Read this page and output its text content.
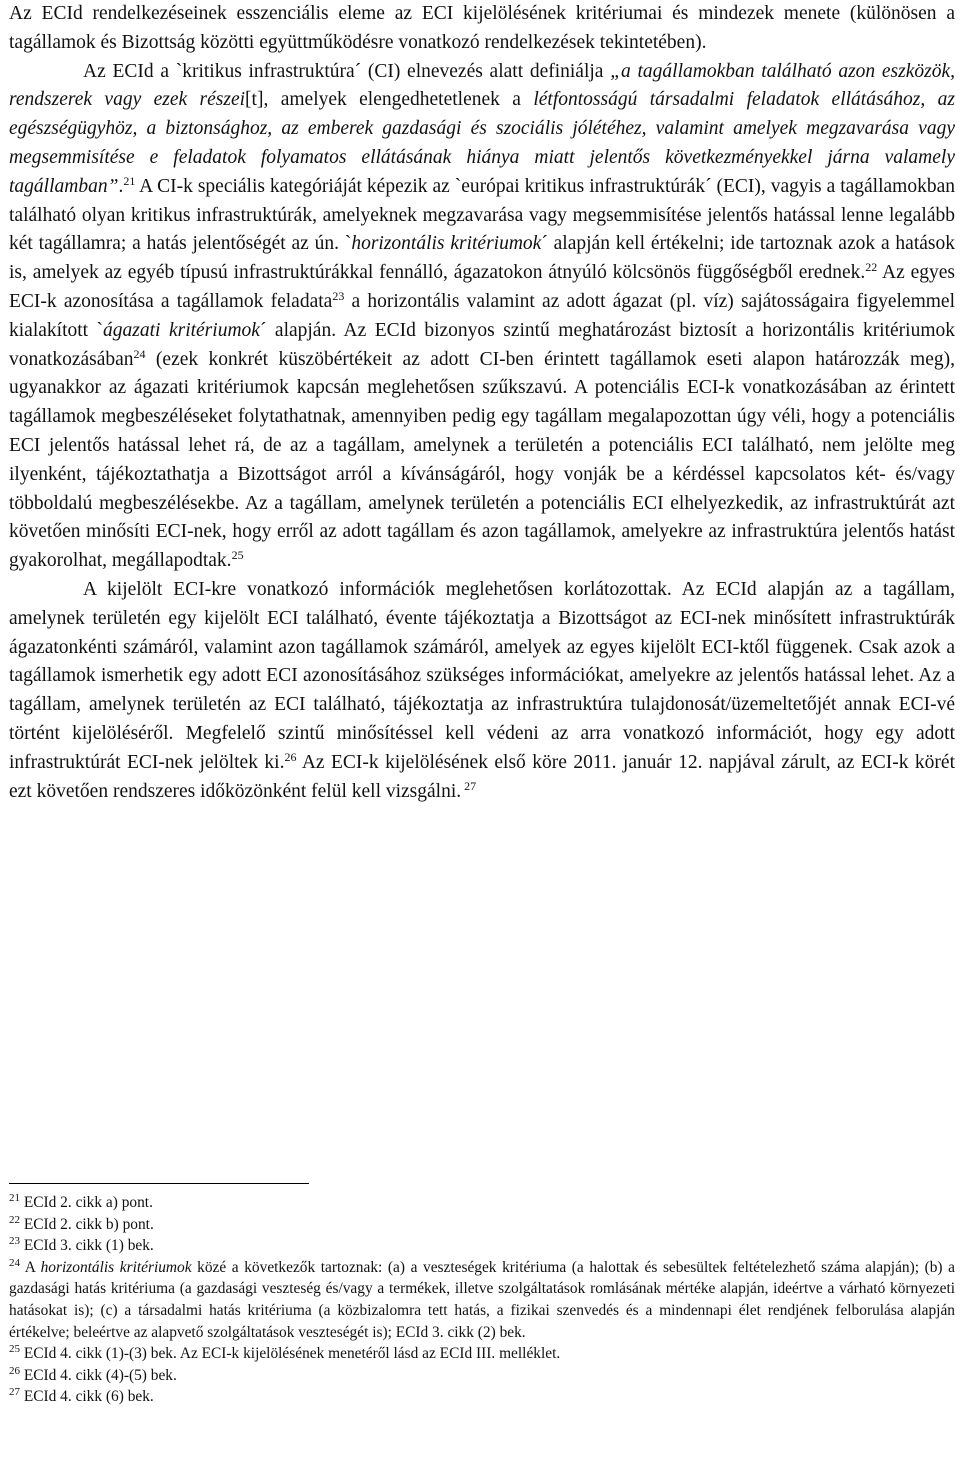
Az ECId rendelkezéseinek esszenciális eleme az ECI kijelölésének kritériumai és mindezek menete (különösen a tagállamok és Bizottság közötti együttműködésre vonatkozó rendelkezések tekintetében).

Az ECId a `kritikus infrastruktúra´ (CI) elnevezés alatt definiálja „a tagállamokban található azon eszközök, rendszerek vagy ezek részei[t], amelyek elengedhetetlenek a létfontosságú társadalmi feladatok ellátásához, az egészségügyhöz, a biztonsághoz, az emberek gazdasági és szociális jólétéhez, valamint amelyek megzavarása vagy megsemmisítése e feladatok folyamatos ellátásának hiánya miatt jelentős következményekkel járna valamely tagállamban”.$^{21}$ A CI-k speciális kategóriáját képezik az `európai kritikus infrastruktúrák´ (ECI), vagyis a tagállamokban található olyan kritikus infrastruktúrák, amelyeknek megzavarása vagy megsemmisítése jelentős hatással lenne legalább két tagállamra; a hatás jelentőségét az ún. `horizontális kritériumok´ alapján kell értékelni; ide tartoznak azok a hatások is, amelyek az egyéb típusú infrastruktúrákkal fennálló, ágazatokon átnyúló kölcsönös függőségből erednek.$^{22}$ Az egyes ECI-k azonosítása a tagállamok feladata$^{23}$ a horizontális valamint az adott ágazat (pl. víz) sajátosságaira figyelemmel kialakított `ágazati kritériumok´ alapján. Az ECId bizonyos szintű meghatározást biztosít a horizontális kritériumok vonatkozásában$^{24}$ (ezek konkrét küszöbértékeit az adott CI-ben érintett tagállamok eseti alapon határozzák meg), ugyanakkor az ágazati kritériumok kapcsán meglehetősen szűkszavú. A potenciális ECI-k vonatkozásában az érintett tagállamok megbeszéléseket folytathatnak, amennyiben pedig egy tagállam megalapozottan úgy véli, hogy a potenciális ECI jelentős hatással lehet rá, de az a tagállam, amelynek a területén a potenciális ECI található, nem jelölte meg ilyenként, tájékoztathatja a Bizottságot arról a kívánságáról, hogy vonják be a kérdéssel kapcsolatos két- és/vagy többoldalú megbeszélésekbe. Az a tagállam, amelynek területén a potenciális ECI elhelyezkedik, az infrastruktúrát azt követően minősíti ECI-nek, hogy erről az adott tagállam és azon tagállamok, amelyekre az infrastruktúra jelentős hatást gyakorolhat, megállapodtak.$^{25}$

A kijelölt ECI-kre vonatkozó információk meglehetősen korlátozottak. Az ECId alapján az a tagállam, amelynek területén egy kijelölt ECI található, évente tájékoztatja a Bizottságot az ECI-nek minősített infrastruktúrák ágazatonkénti számáról, valamint azon tagállamok számáról, amelyek az egyes kijelölt ECI-ktől függenek. Csak azok a tagállamok ismerhetik egy adott ECI azonosításához szükséges információkat, amelyekre az jelentős hatással lehet. Az a tagállam, amelynek területén az ECI található, tájékoztatja az infrastruktúra tulajdonosát/üzemeltetőjét annak ECI-vé történt kijelöléséről. Megfelelő szintű minősítéssel kell védeni az arra vonatkozó információt, hogy egy adott infrastruktúrát ECI-nek jelöltek ki.$^{26}$ Az ECI-k kijelölésének első köre 2011. január 12. napjával zárult, az ECI-k körét ezt követően rendszeres időközönként felül kell vizsgálni. $^{27}$

$^{21}$ ECId 2. cikk a) pont.

$^{22}$ ECId 2. cikk b) pont.

$^{23}$ ECId 3. cikk (1) bek.

$^{24}$ A horizontális kritériumok közé a következők tartoznak: (a) a veszteségek kritériuma (a halottak és sebesültek feltételezhető száma alapján); (b) a gazdasági hatás kritériuma (a gazdasági veszteség és/vagy a termékek, illetve szolgáltatások romlásának mértéke alapján, ideértve a várható környezeti hatásokat is); (c) a társadalmi hatás kritériuma (a közbizalomra tett hatás, a fizikai szenvedés és a mindennapi élet rendjének felborulása alapján értékelve; beleértve az alapvető szolgáltatások veszteségét is); ECId 3. cikk (2) bek.

$^{25}$ ECId 4. cikk (1)-(3) bek. Az ECI-k kijelölésének menetéről lásd az ECId III. melléklet.

$^{26}$ ECId 4. cikk (4)-(5) bek.

$^{27}$ ECId 4. cikk (6) bek.
